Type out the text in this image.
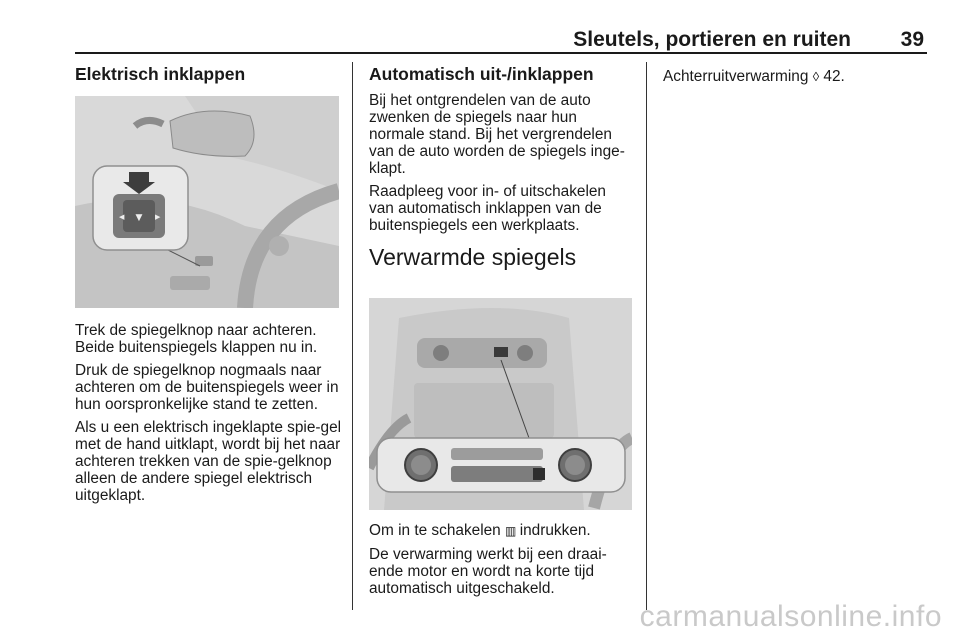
Sleutels, portieren en ruiten 39
Elektrisch inklappen
▼
◀	▶

Trek de spiegelknop naar achteren. Beide buitenspiegels klappen nu in.

Druk de spiegelknop nogmaals naar achteren om de buitenspiegels weer in hun oorspronkelijke stand te zetten.

Als u een elektrisch ingeklapte spie-gel met de hand uitklapt, wordt bij het naar achteren trekken van de spie-gelknop alleen de andere spiegel elektrisch uitgeklapt.

Automatisch uit-/inklappen

Bij het ontgrendelen van de auto zwenken de spiegels naar hun normale stand. Bij het vergrendelen van de auto worden de spiegels inge-klapt.

Raadpleeg voor in- of uitschakelen van automatisch inklappen van de buitenspiegels een werkplaats.

Verwarmde spiegels

Om in te schakelen ▥ indrukken.

De verwarming werkt bij een draai-ende motor en wordt na korte tijd automatisch uitgeschakeld.

Achterruitverwarming ◊ 42.

carmanualsonline.info
